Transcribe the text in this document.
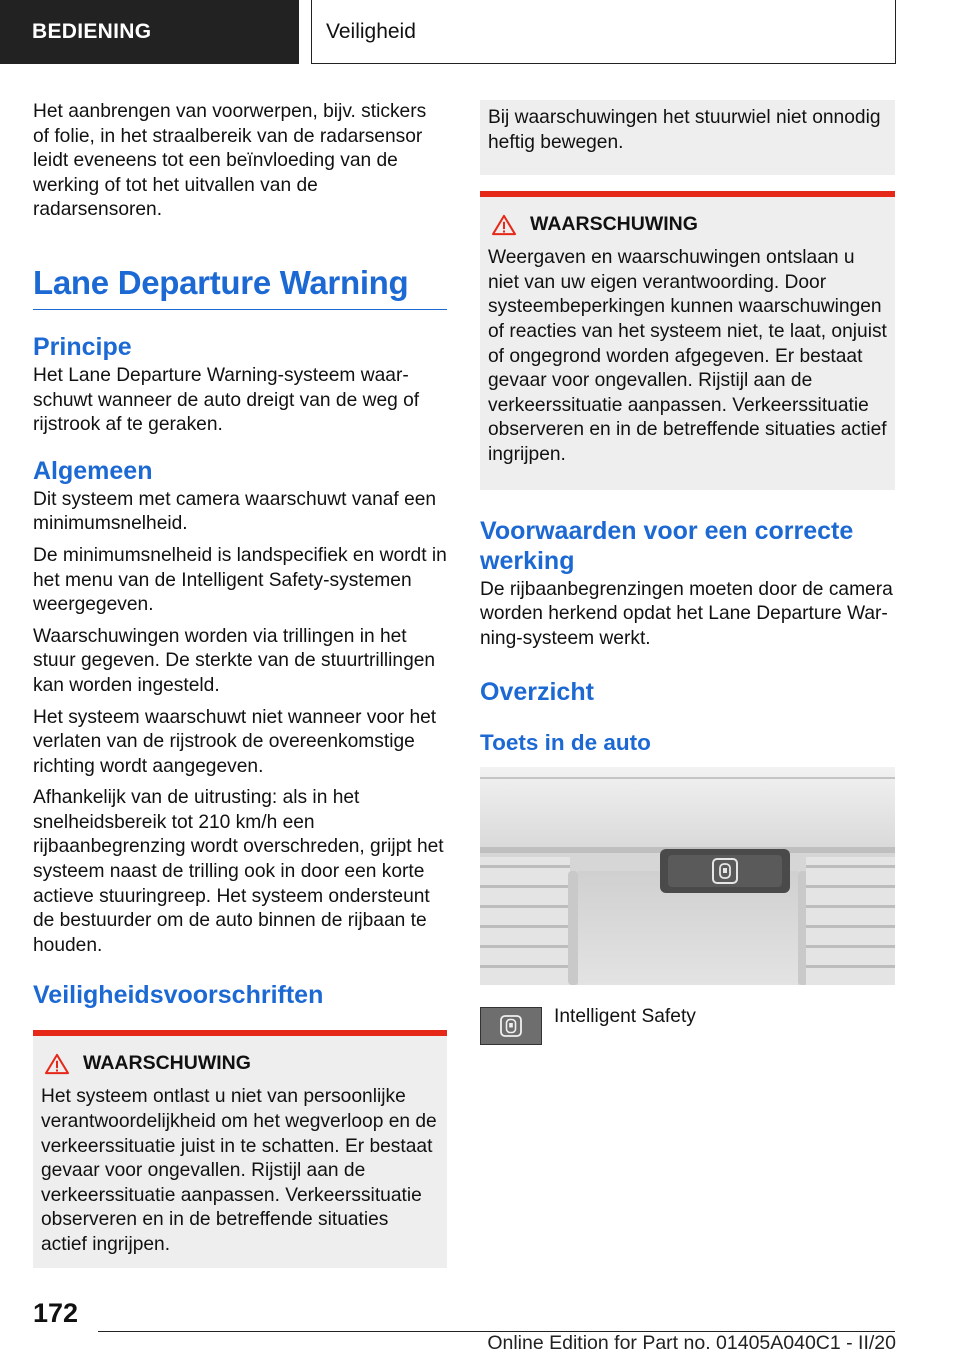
BEDIENING	Veiligheid

Het aanbrengen van voorwerpen, bijv. stickers of folie, in het straalbereik van de radarsensor leidt eveneens tot een beïnvloeding van de werking of tot het uitvallen van de radarsensoren.

Lane Departure Warning
Principe

Het Lane Departure Warning-systeem waarschuwt wanneer de auto dreigt van de weg of rijstrook af te geraken.

Algemeen

Dit systeem met camera waarschuwt vanaf een minimumsnelheid.

De minimumsnelheid is landspecifiek en wordt in het menu van de Intelligent Safety-systemen weergegeven.

Waarschuwingen worden via trillingen in het stuur gegeven. De sterkte van de stuurtrillingen kan worden ingesteld.

Het systeem waarschuwt niet wanneer voor het verlaten van de rijstrook de overeenkomstige richting wordt aangegeven.

Afhankelijk van de uitrusting: als in het snelheidsbereik tot 210 km/h een rijbaanbegrenzing wordt overschreden, grijpt het systeem naast de trilling ook in door een korte actieve stuuringreep. Het systeem ondersteunt de bestuurder om de auto binnen de rijbaan te houden.

Veiligheidsvoorschriften
WAARSCHUWING

Het systeem ontlast u niet van persoonlijke verantwoordelijkheid om het wegverloop en de verkeerssituatie juist in te schatten. Er bestaat gevaar voor ongevallen. Rijstijl aan de verkeerssituatie aanpassen. Verkeerssituatie observeren en in de betreffende situaties actief ingrijpen.

Bij waarschuwingen het stuurwiel niet onnodig heftig bewegen.

WAARSCHUWING

Weergaven en waarschuwingen ontslaan u niet van uw eigen verantwoording. Door systeembeperkingen kunnen waarschuwingen of reacties van het systeem niet, te laat, onjuist of ongegrond worden afgegeven. Er bestaat gevaar voor ongevallen. Rijstijl aan de verkeerssituatie aanpassen. Verkeerssituatie observeren en in de betreffende situaties actief ingrijpen.

Voorwaarden voor een correcte werking

De rijbaanbegrenzingen moeten door de camera worden herkend opdat het Lane Departure Warning-systeem werkt.

Overzicht
Toets in de auto
Intelligent Safety
172
Online Edition for Part no. 01405A040C1 - II/20
